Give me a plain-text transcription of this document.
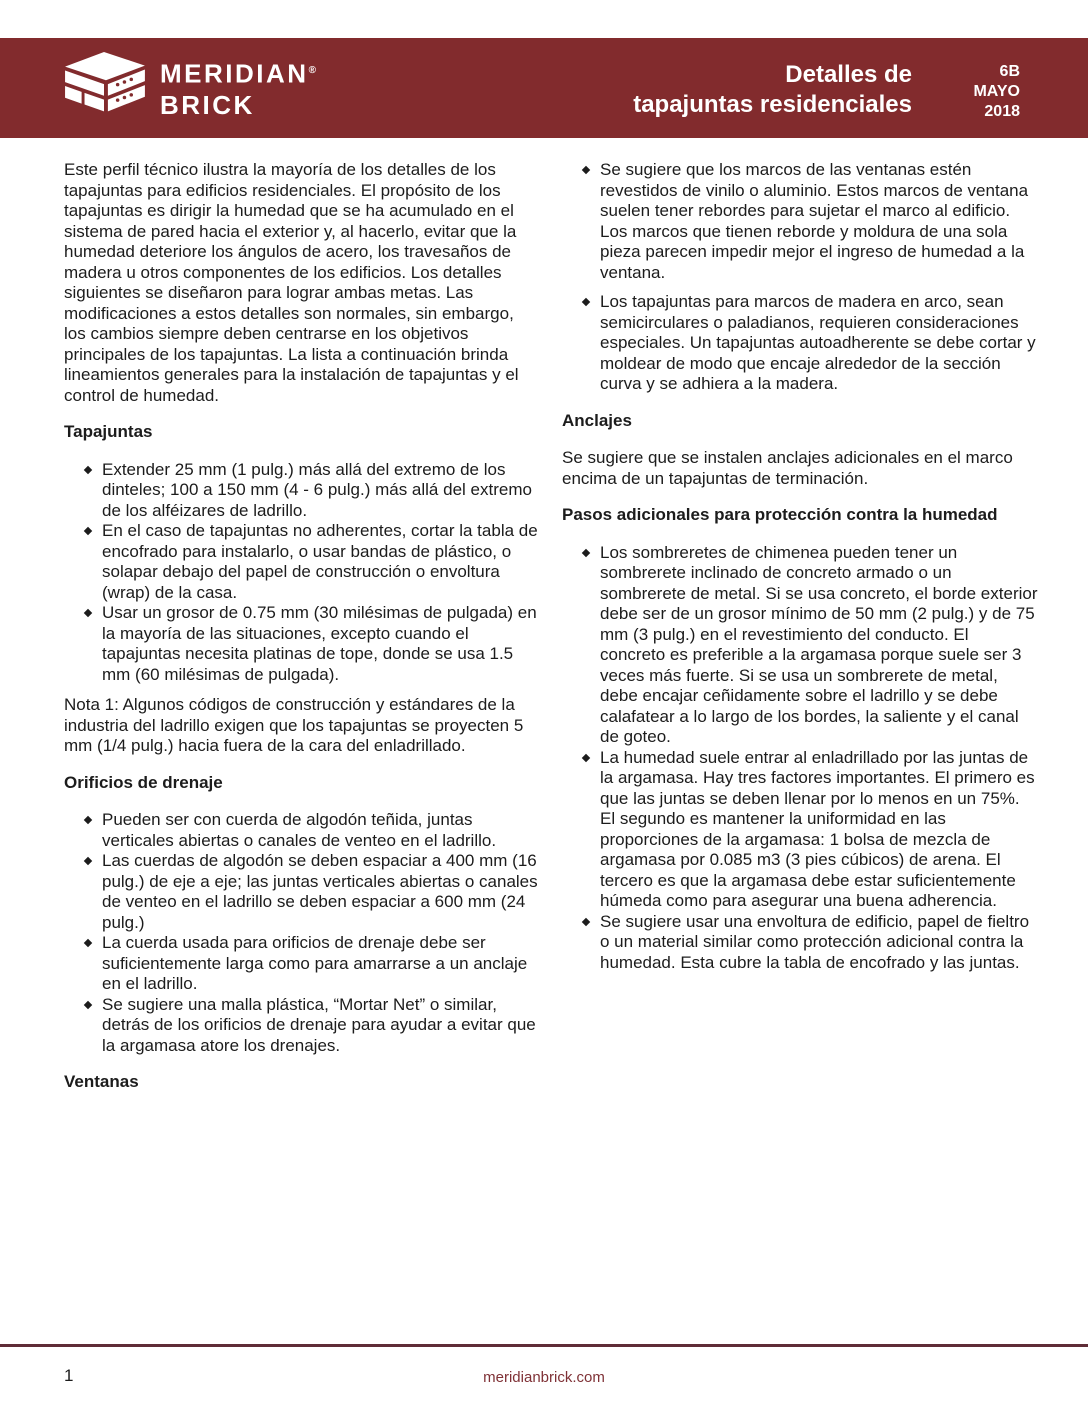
MERIDIAN®
BRICK
Detalles de
tapajuntas residenciales
6B
MAYO
2018

Este perfil técnico ilustra la mayoría de los detalles de los tapajuntas para edificios residenciales. El propósito de los tapajuntas es dirigir la humedad que se ha acumulado en el sistema de pared hacia el exterior y, al hacerlo, evitar que la humedad deteriore los ángulos de acero, los travesaños de madera u otros componentes de los edificios. Los detalles siguientes se diseñaron para lograr ambas metas. Las modificaciones a estos detalles son normales, sin embargo, los cambios siempre deben centrarse en los objetivos principales de los tapajuntas. La lista a continuación brinda lineamientos generales para la instalación de tapajuntas y el control de humedad.

Tapajuntas
Extender 25 mm (1 pulg.) más allá del extremo de los dinteles; 100 a 150 mm (4 - 6 pulg.) más allá del extremo de los alféizares de ladrillo.
En el caso de tapajuntas no adherentes, cortar la tabla de encofrado para instalarlo, o usar bandas de plástico, o solapar debajo del papel de construcción o envoltura (wrap) de la casa.
Usar un grosor de 0.75 mm (30 milésimas de pulgada) en la mayoría de las situaciones, excepto cuando el tapajuntas necesita platinas de tope, donde se usa 1.5 mm (60 milésimas de pulgada).

Nota 1: Algunos códigos de construcción y estándares de la industria del ladrillo exigen que los tapajuntas se proyecten 5 mm (1/4 pulg.) hacia fuera de la cara del enladrillado.

Orificios de drenaje
Pueden ser con cuerda de algodón teñida, juntas verticales abiertas o canales de venteo en el ladrillo.
Las cuerdas de algodón se deben espaciar a 400 mm (16 pulg.) de eje a eje; las juntas verticales abiertas o canales de venteo en el ladrillo se deben espaciar a 600 mm (24 pulg.)
La cuerda usada para orificios de drenaje debe ser suficientemente larga como para amarrarse a un anclaje en el ladrillo.
Se sugiere una malla plástica, “Mortar Net” o similar, detrás de los orificios de drenaje para ayudar a evitar que la argamasa atore los drenajes.
Ventanas
Se sugiere que los marcos de las ventanas estén revestidos de vinilo o aluminio. Estos marcos de ventana suelen tener rebordes para sujetar el marco al edificio. Los marcos que tienen reborde y moldura de una sola pieza parecen impedir mejor el ingreso de humedad a la ventana.
Los tapajuntas para marcos de madera en arco, sean semicirculares o paladianos, requieren consideraciones especiales. Un tapajuntas autoadherente se debe cortar y moldear de modo que encaje alrededor de la sección curva y se adhiera a la madera.
Anclajes

Se sugiere que se instalen anclajes adicionales en el marco encima de un tapajuntas de terminación.

Pasos adicionales para protección contra la humedad
Los sombreretes de chimenea pueden tener un sombrerete inclinado de concreto armado o un sombrerete de metal. Si se usa concreto, el borde exterior debe ser de un grosor mínimo de 50 mm (2 pulg.) y de 75 mm (3 pulg.) en el revestimiento del conducto. El concreto es preferible a la argamasa porque suele ser 3 veces más fuerte. Si se usa un sombrerete de metal, debe encajar ceñidamente sobre el ladrillo y se debe calafatear a lo largo de los bordes, la saliente y el canal de goteo.
La humedad suele entrar al enladrillado por las juntas de la argamasa. Hay tres factores importantes. El primero es que las juntas se deben llenar por lo menos en un 75%. El segundo es mantener la uniformidad en las proporciones de la argamasa: 1 bolsa de mezcla de argamasa por 0.085 m3 (3 pies cúbicos) de arena. El tercero es que la argamasa debe estar suficientemente húmeda como para asegurar una buena adherencia.
Se sugiere usar una envoltura de edificio, papel de fieltro o un material similar como protección adicional contra la humedad. Esta cubre la tabla de encofrado y las juntas.
1	meridianbrick.com
